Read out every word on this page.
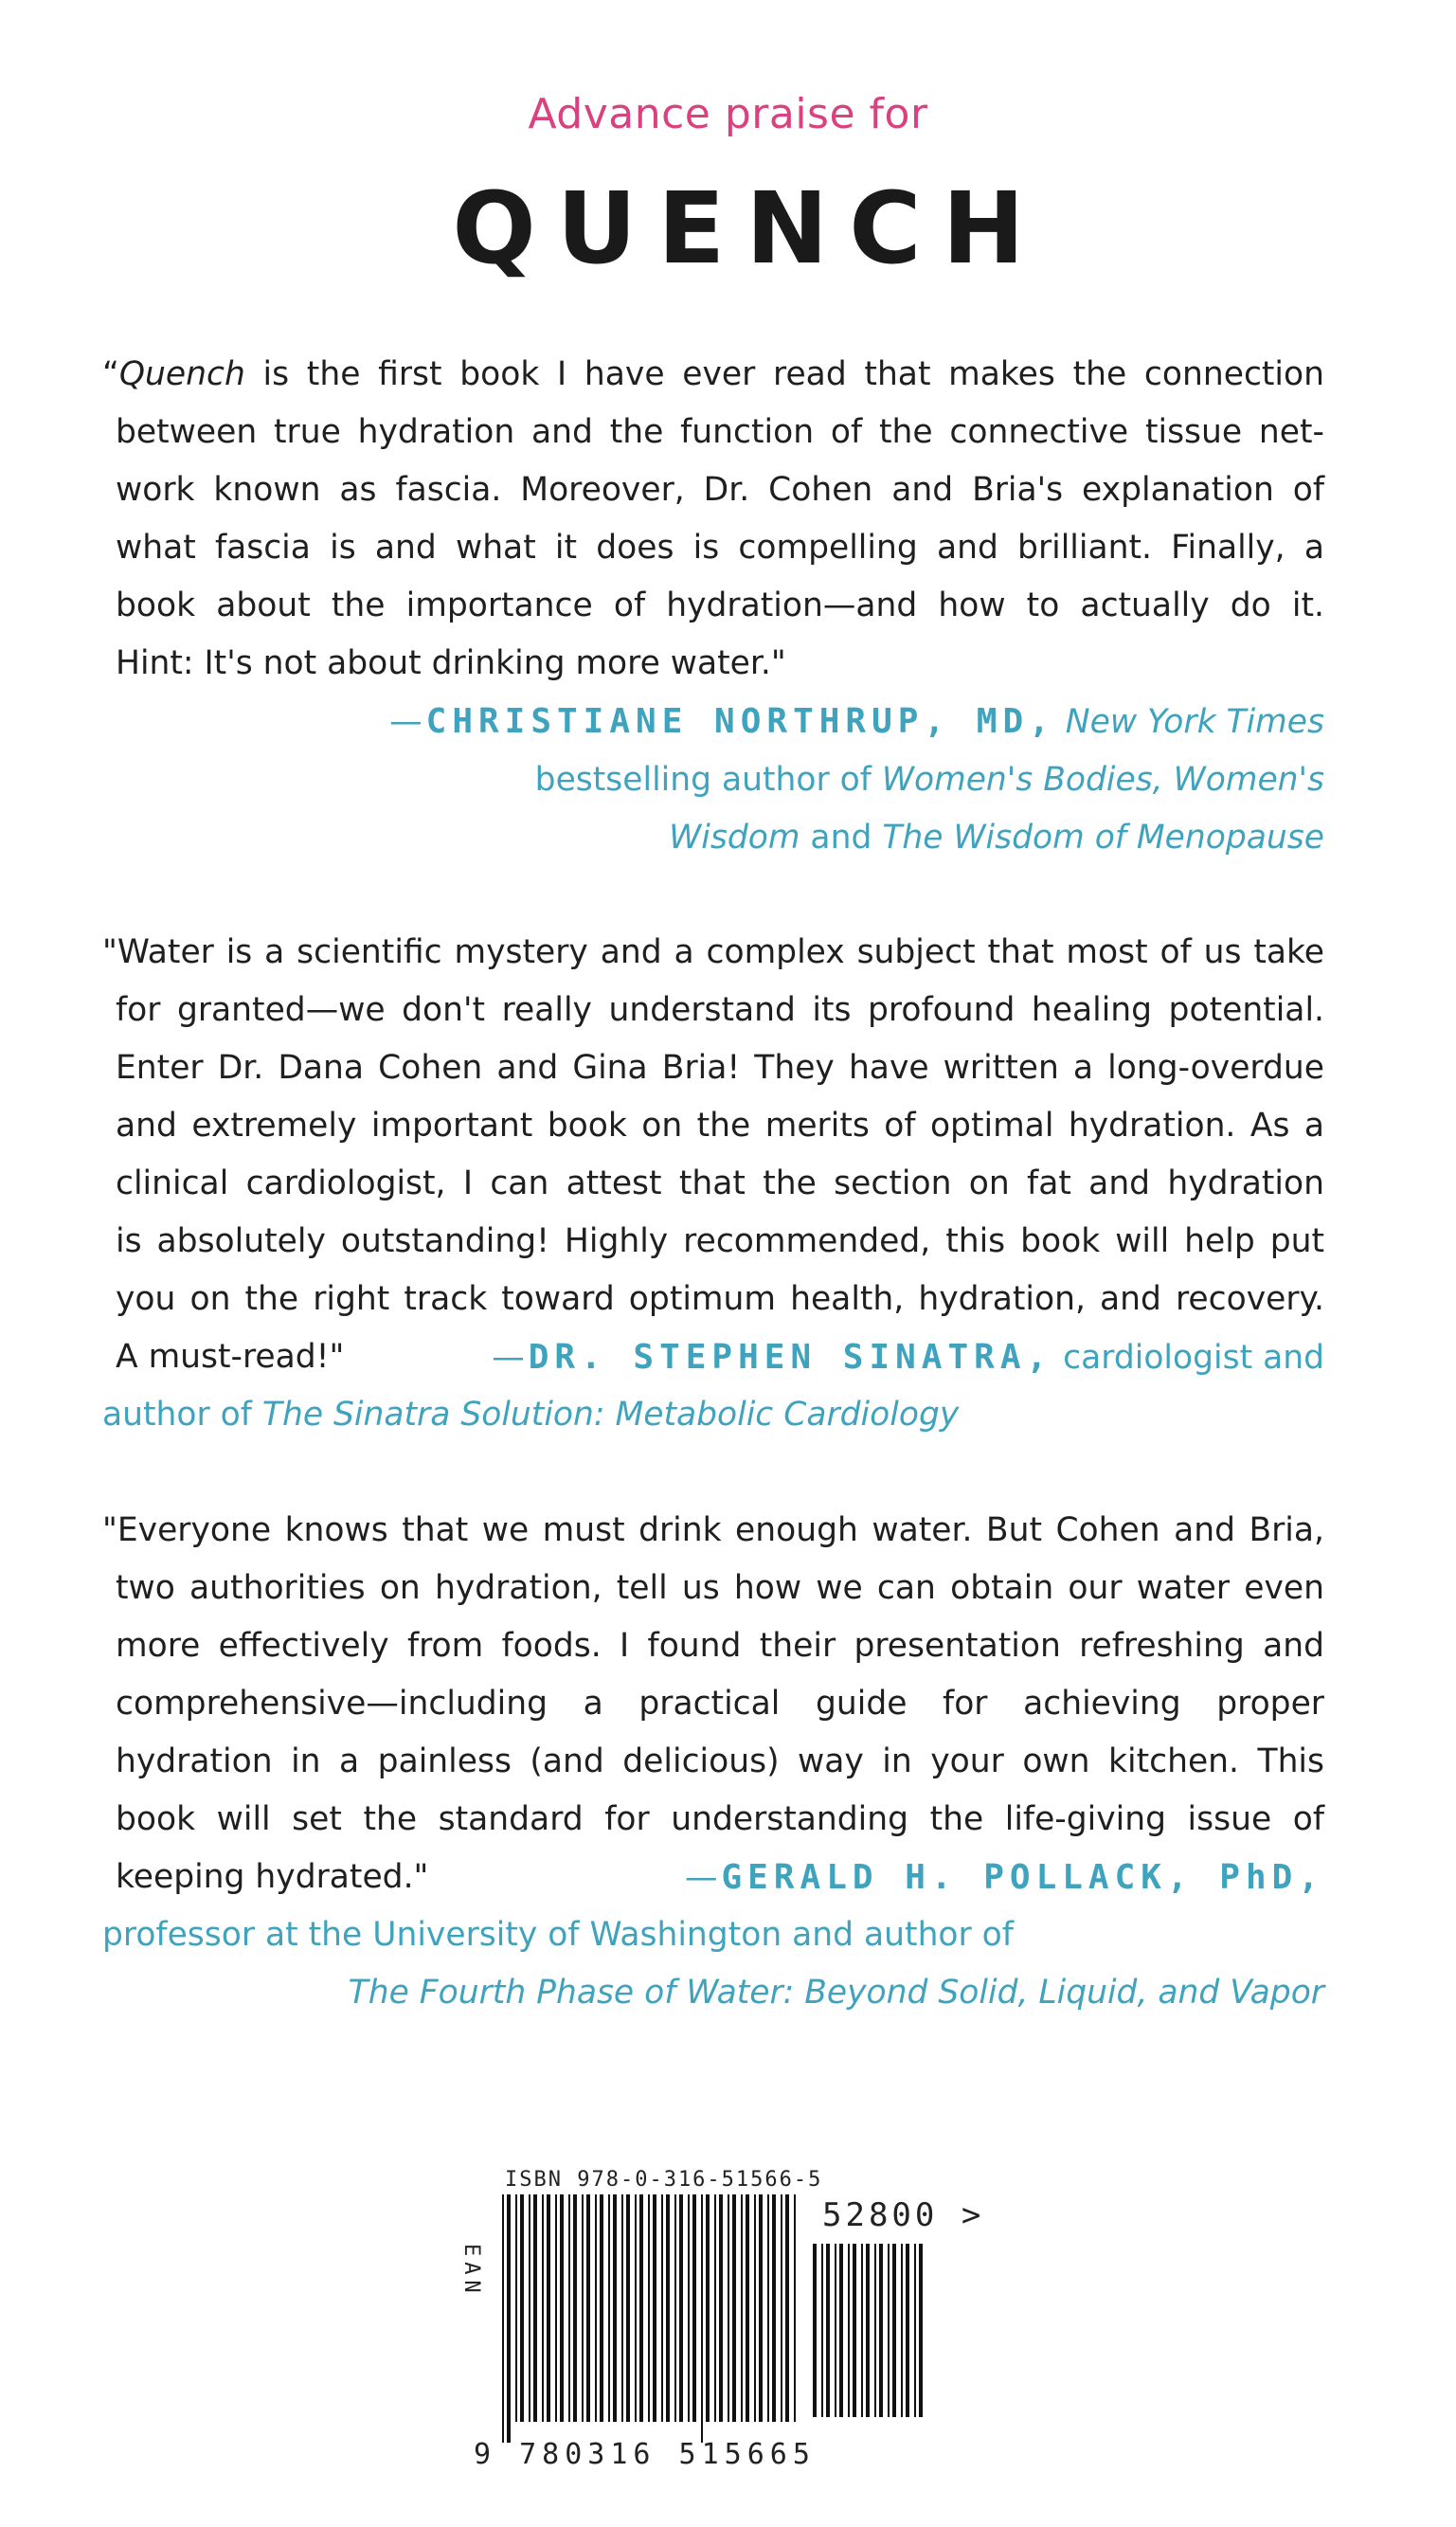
Advance praise for
QUENCH
“Quench is the first book I have ever read that makes the connection
between true hydration and the function of the connective tissue net-
work known as fascia. Moreover, Dr. Cohen and Bria's explanation of
what fascia is and what it does is compelling and brilliant. Finally, a
book about the importance of hydration—and how to actually do it.
Hint: It's not about drinking more water."
— CHRISTIANE NORTHRUP, MD, New York Times
bestselling author of Women's Bodies, Women's
Wisdom and The Wisdom of Menopause
"Water is a scientific mystery and a complex subject that most of us take
for granted—we don't really understand its profound healing potential.
Enter Dr. Dana Cohen and Gina Bria! They have written a long-overdue
and extremely important book on the merits of optimal hydration. As a
clinical cardiologist, I can attest that the section on fat and hydration
is absolutely outstanding! Highly recommended, this book will help put
you on the right track toward optimum health, hydration, and recovery.
A must-read!"	— DR. STEPHEN SINATRA, cardiologist and
author of The Sinatra Solution: Metabolic Cardiology
"Everyone knows that we must drink enough water. But Cohen and Bria,
two authorities on hydration, tell us how we can obtain our water even
more effectively from foods. I found their presentation refreshing and
comprehensive—including a practical guide for achieving proper
hydration in a painless (and delicious) way in your own kitchen. This
book will set the standard for understanding the life-giving issue of
keeping hydrated."	— GERALD H. POLLACK, PhD,
professor at the University of Washington and author of
The Fourth Phase of Water: Beyond Solid, Liquid, and Vapor
ISBN 978-0-316-51566-5
EAN
52800 >
9 780316 515665
